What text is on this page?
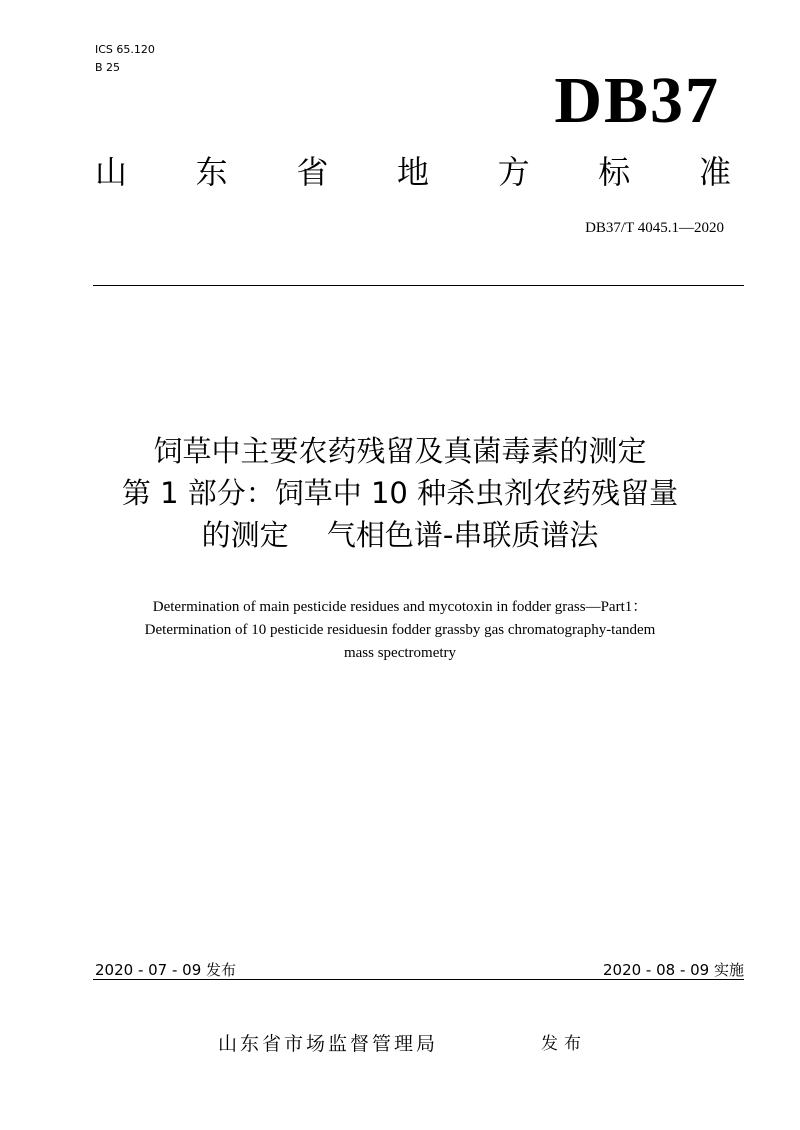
ICS 65.120
B 25	DB37
山 东 省 地 方 标 准
DB37/T 4045.1—2020
饲草中主要农药残留及真菌毒素的测定
第 1 部分：饲草中 10 种杀虫剂农药残留量
的测定　 气相色谱-串联质谱法
Determination of main pesticide residues and mycotoxin in fodder grass—Part1：
Determination of 10 pesticide residuesin fodder grassby gas chromatography-tandem
mass spectrometry
2020 - 07 - 09 发布	2020 - 08 - 09 实施
山东省市场监督管理局	发布
